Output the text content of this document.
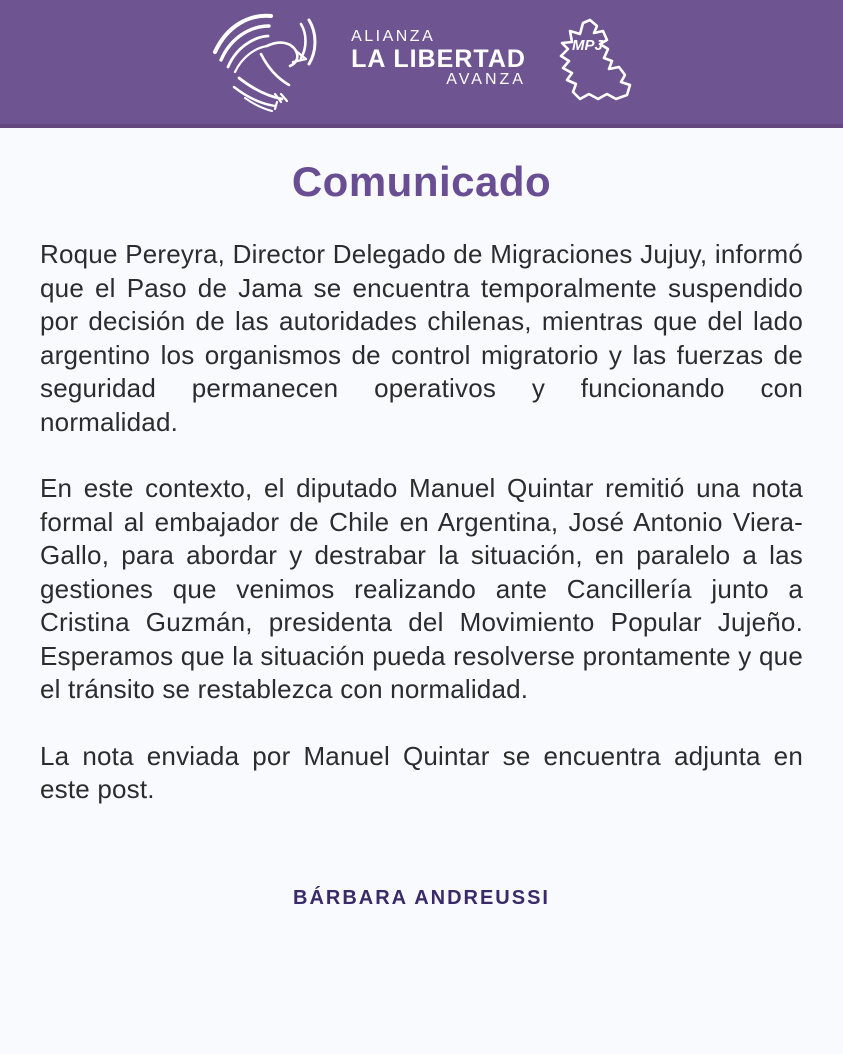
ALIANZA
LA LIBERTAD
AVANZA
MPJ
Comunicado

Roque Pereyra, Director Delegado de Migraciones Jujuy, informó que el Paso de Jama se encuentra temporalmente suspendido por decisión de las autoridades chilenas, mientras que del lado argentino los organismos de control migratorio y las fuerzas de seguridad permanecen operativos y funcionando con normalidad.

En este contexto, el diputado Manuel Quintar remitió una nota formal al embajador de Chile en Argentina, José Antonio Viera-Gallo, para abordar y destrabar la situación, en paralelo a las gestiones que venimos realizando ante Cancillería junto a Cristina Guzmán, presidenta del Movimiento Popular Jujeño. Esperamos que la situación pueda resolverse prontamente y que el tránsito se restablezca con normalidad.

La nota enviada por Manuel Quintar se encuentra adjunta en este post.

BÁRBARA ANDREUSSI
